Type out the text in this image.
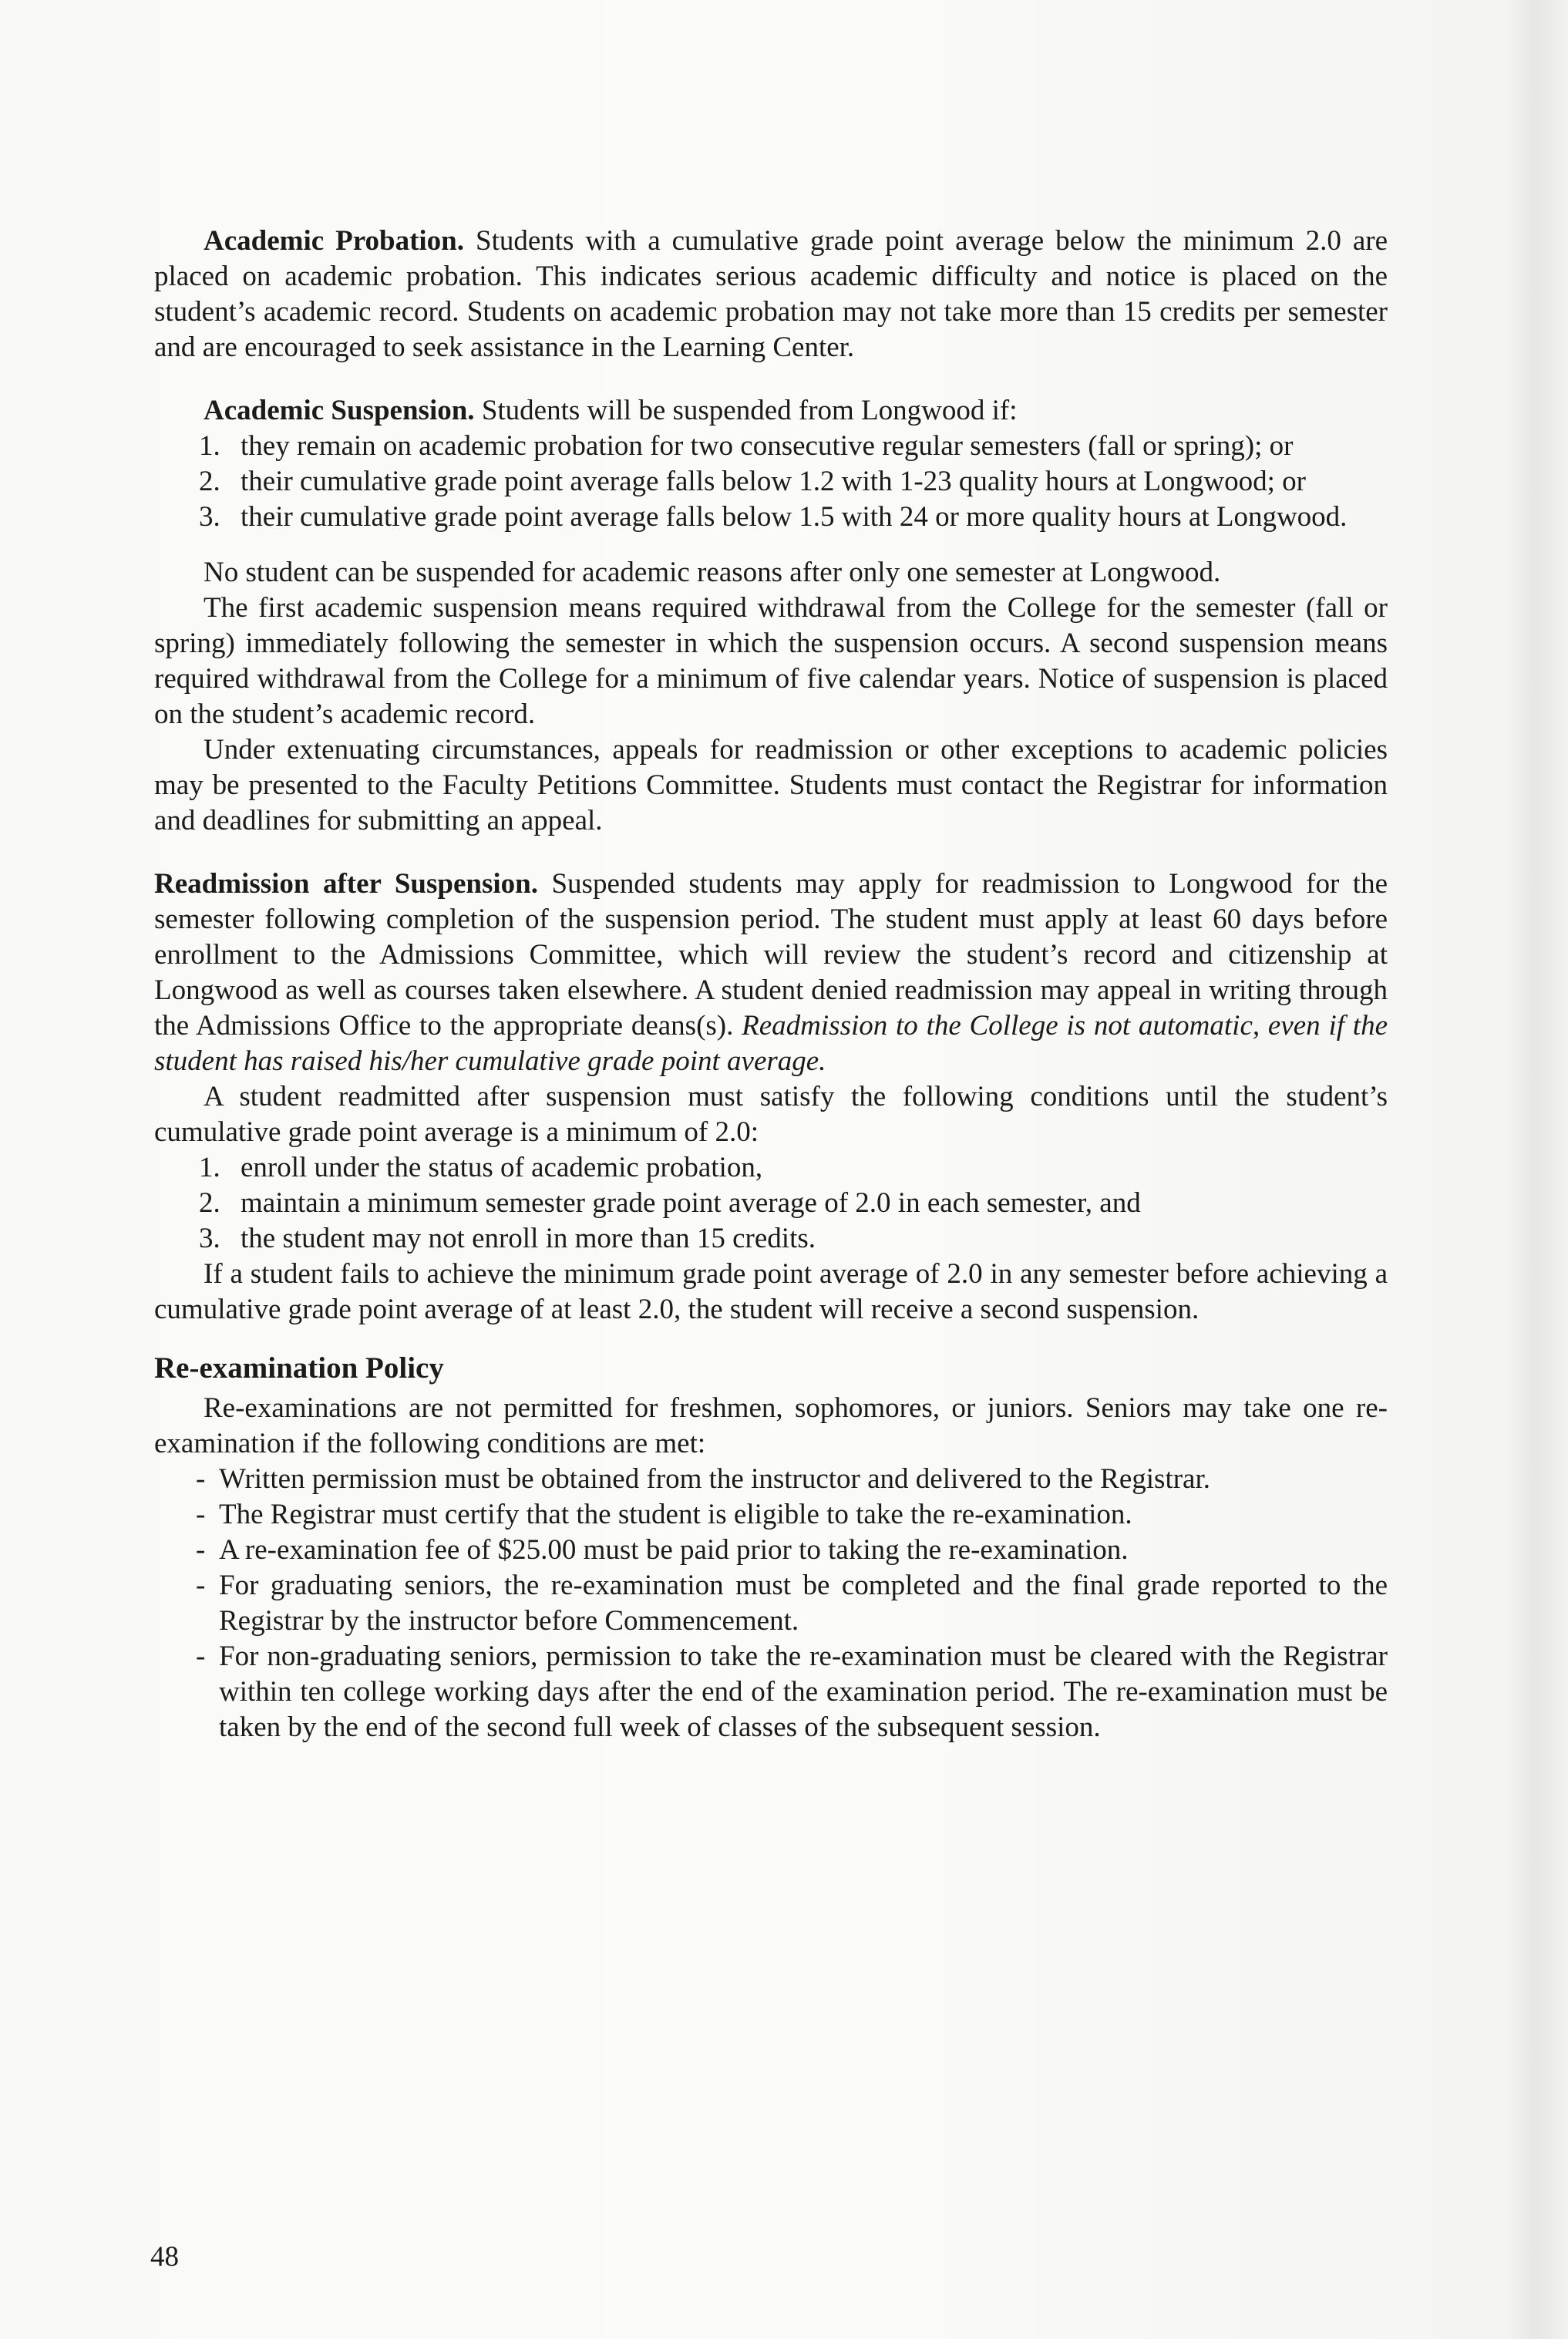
Academic Probation. Students with a cumulative grade point average below the minimum 2.0 are placed on academic probation. This indicates serious academic difficulty and notice is placed on the student’s academic record. Students on academic probation may not take more than 15 credits per semester and are encouraged to seek assistance in the Learning Center.

Academic Suspension. Students will be suspended from Longwood if:

1. they remain on academic probation for two consecutive regular semesters (fall or spring); or
2. their cumulative grade point average falls below 1.2 with 1-23 quality hours at Longwood; or
3. their cumulative grade point average falls below 1.5 with 24 or more quality hours at Longwood.

No student can be suspended for academic reasons after only one semester at Longwood.

The first academic suspension means required withdrawal from the College for the semester (fall or spring) immediately following the semester in which the suspension occurs. A second suspension means required withdrawal from the College for a minimum of five calendar years. Notice of suspension is placed on the student’s academic record.

Under extenuating circumstances, appeals for readmission or other exceptions to academic policies may be presented to the Faculty Petitions Committee. Students must contact the Registrar for information and deadlines for submitting an appeal.

Readmission after Suspension. Suspended students may apply for readmission to Longwood for the semester following completion of the suspension period. The student must apply at least 60 days before enrollment to the Admissions Committee, which will review the student’s record and citizenship at Longwood as well as courses taken elsewhere. A student denied readmission may appeal in writing through the Admissions Office to the appropriate deans(s). Readmission to the College is not automatic, even if the student has raised his/her cumulative grade point average.

A student readmitted after suspension must satisfy the following conditions until the student’s cumulative grade point average is a minimum of 2.0:

1. enroll under the status of academic probation,
2. maintain a minimum semester grade point average of 2.0 in each semester, and
3. the student may not enroll in more than 15 credits.

If a student fails to achieve the minimum grade point average of 2.0 in any semester before achieving a cumulative grade point average of at least 2.0, the student will receive a second suspension.

Re-examination Policy

Re-examinations are not permitted for freshmen, sophomores, or juniors. Seniors may take one re-examination if the following conditions are met:

- Written permission must be obtained from the instructor and delivered to the Registrar.
- The Registrar must certify that the student is eligible to take the re-examination.
- A re-examination fee of $25.00 must be paid prior to taking the re-examination.
- For graduating seniors, the re-examination must be completed and the final grade reported to the Registrar by the instructor before Commencement.
- For non-graduating seniors, permission to take the re-examination must be cleared with the Registrar within ten college working days after the end of the examination period. The re-examination must be taken by the end of the second full week of classes of the subsequent session.
48
